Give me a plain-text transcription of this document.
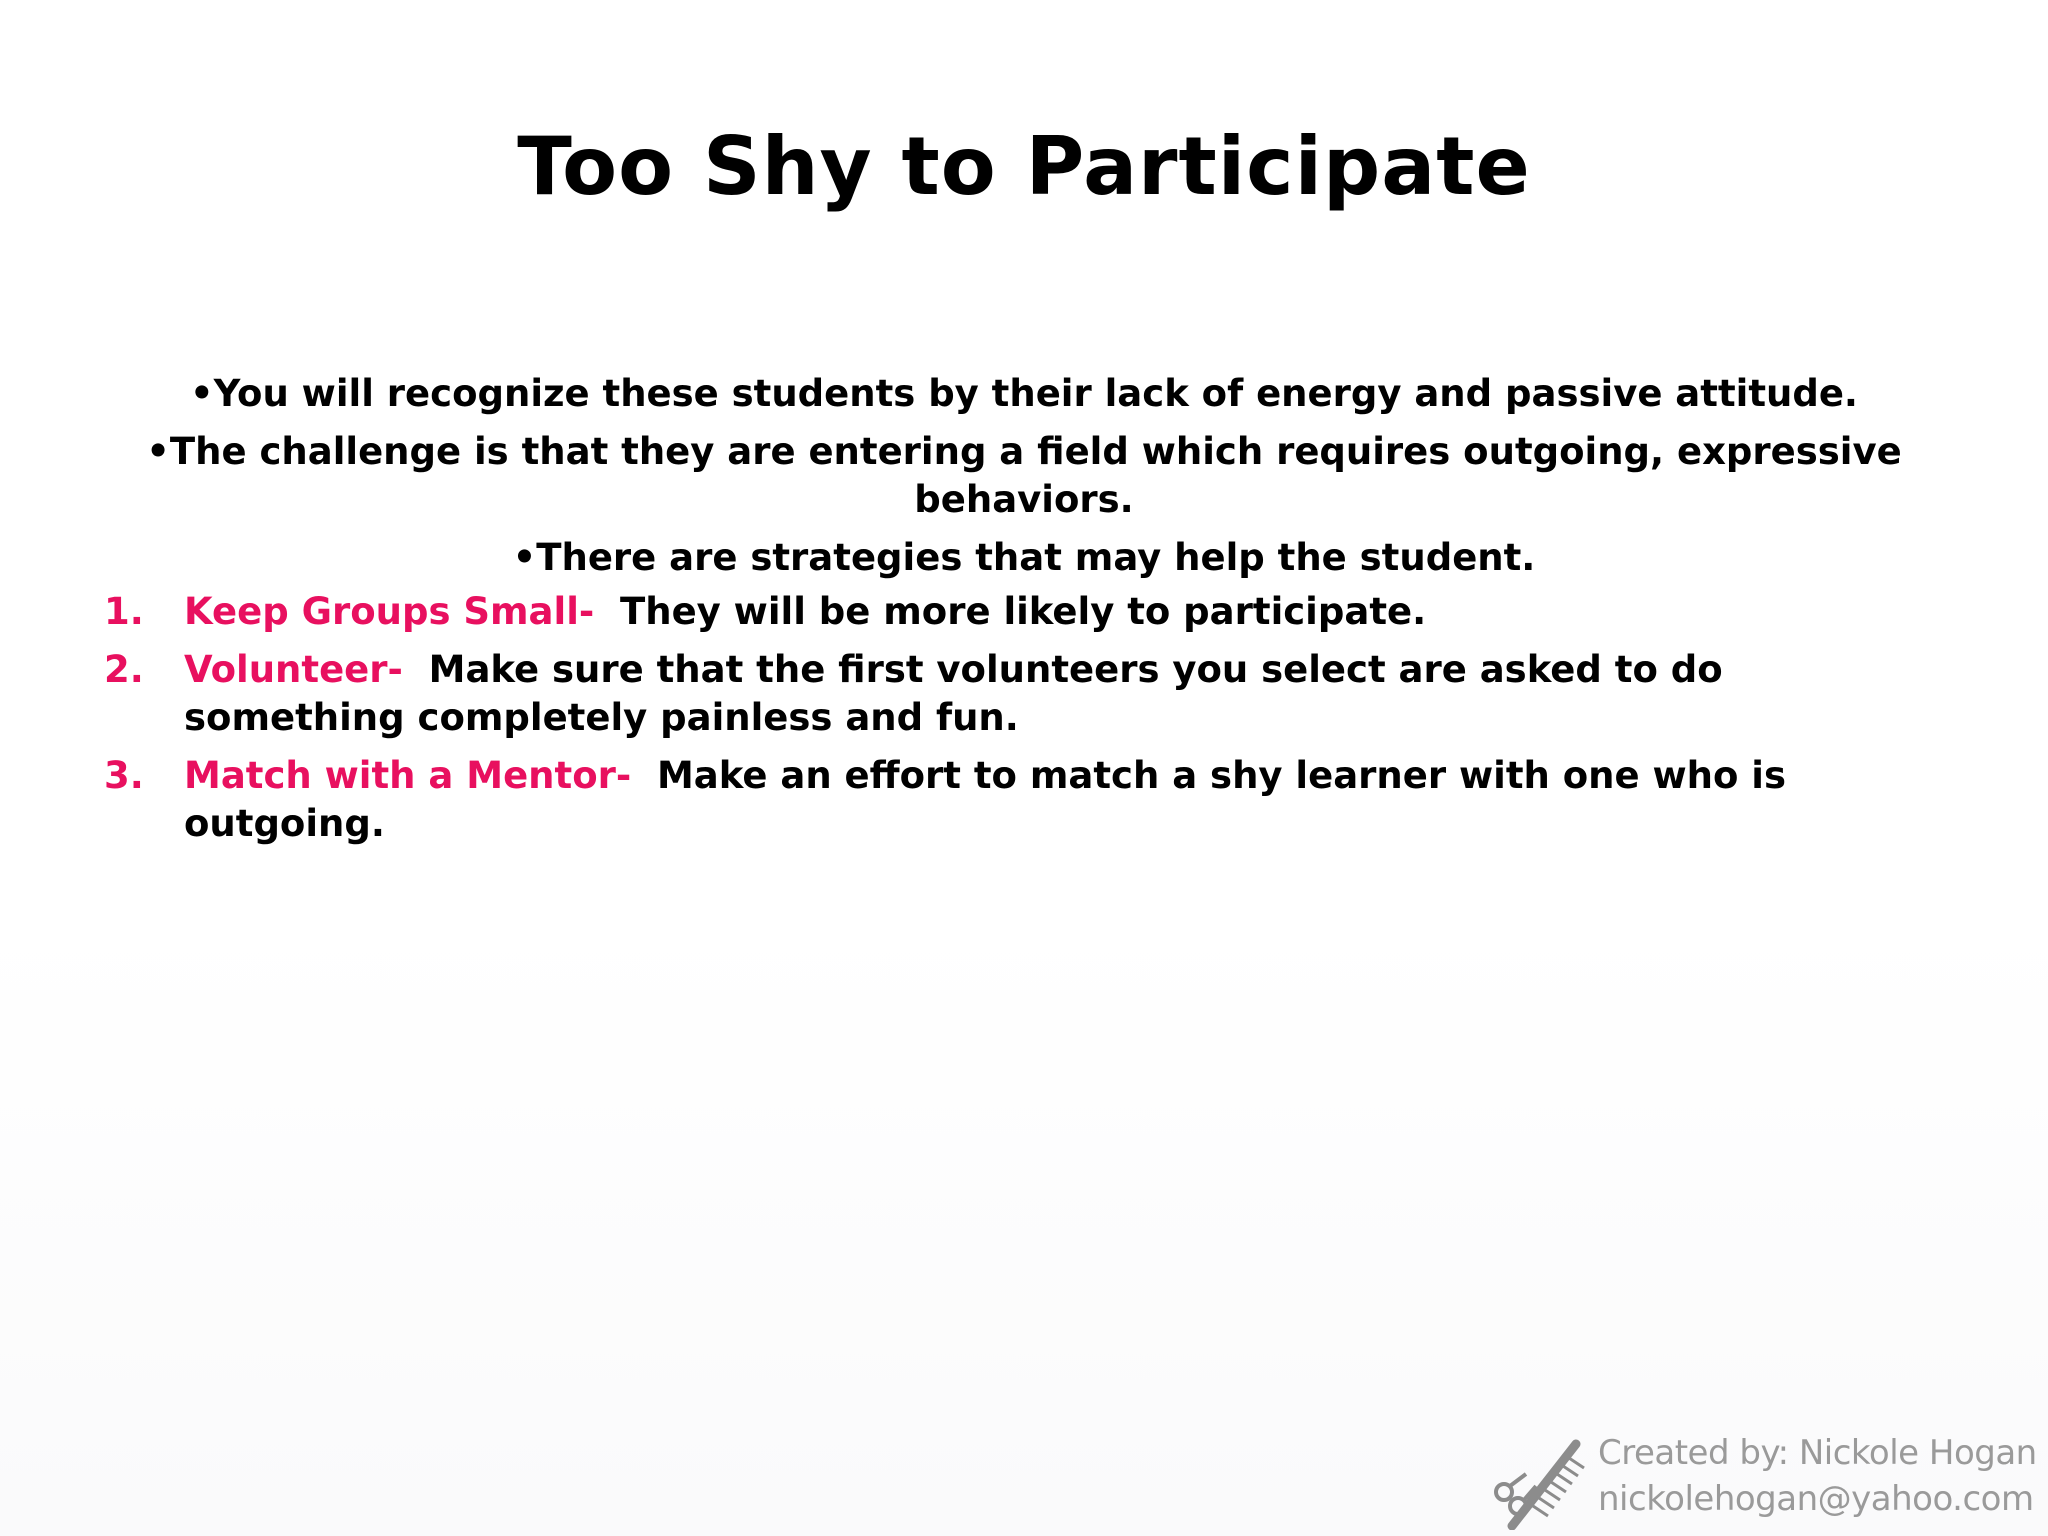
Too Shy to Participate
•You will recognize these students by their lack of energy and passive attitude.
•The challenge is that they are entering a field which requires outgoing, expressive behaviors.
•There are strategies that may help the student.
1. Keep Groups Small- They will be more likely to participate.
2. Volunteer- Make sure that the first volunteers you select are asked to do something completely painless and fun.
3. Match with a Mentor- Make an effort to match a shy learner with one who is outgoing.
Created by: Nickole Hogan
nickolehogan@yahoo.com
